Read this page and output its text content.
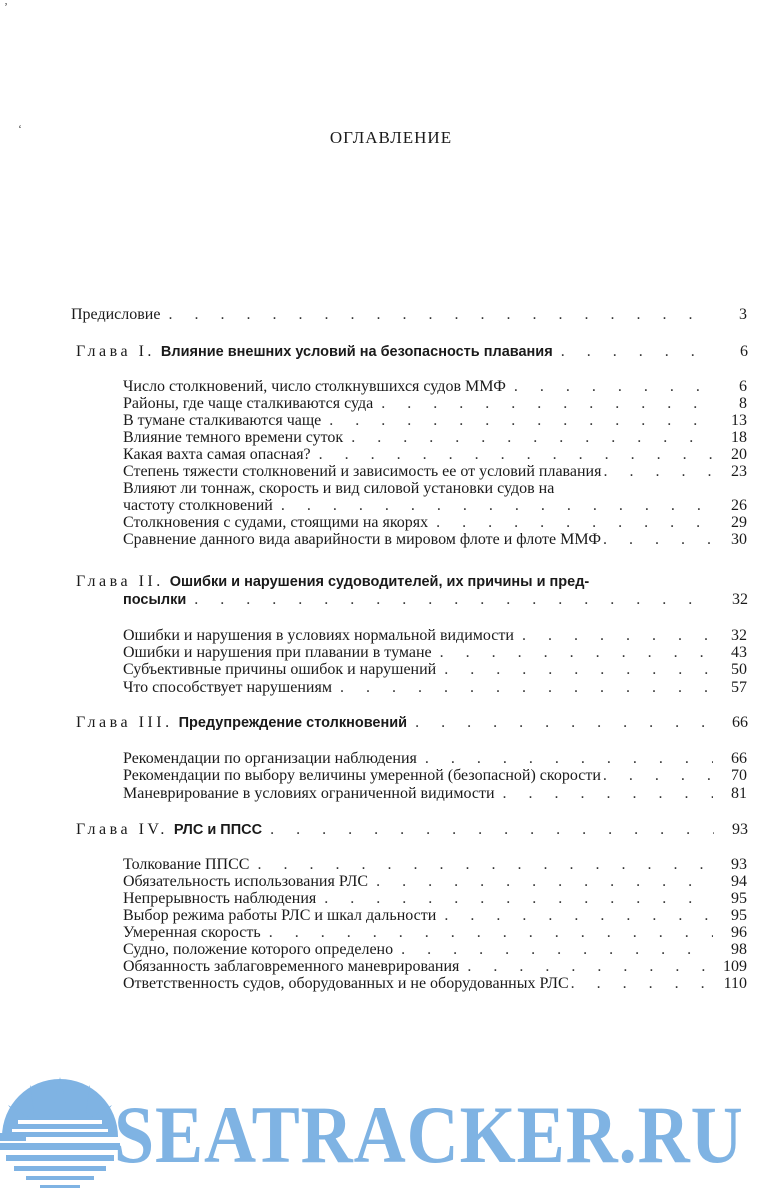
ʼ
ʻ	ОГЛАВЛЕНИЕ
Предисловие . . .	3
Глава I. Влияние внешних условий на безопасность плавания . . .	6
Число столкновений, число столкнувшихся судов ММФ . . .	6
Районы, где чаще сталкиваются суда . . .	8
В тумане сталкиваются чаще . . .	13
Влияние темного времени суток . . .	18
Какая вахта самая опасная? . . .	20
Степень тяжести столкновений и зависимость ее от условий плавания . . .	23
Влияют ли тоннаж, скорость и вид силовой установки судов на
частоту столкновений . . .	26
Столкновения с судами, стоящими на якорях . . .	29
Сравнение данного вида аварийности в мировом флоте и флоте ММФ . . .	30
Глава II. Ошибки и нарушения судоводителей, их причины и пред-
посылки . . .	32
Ошибки и нарушения в условиях нормальной видимости . . .	32
Ошибки и нарушения при плавании в тумане . . .	43
Субъективные причины ошибок и нарушений . . .	50
Что способствует нарушениям . . .	57
Глава III. Предупреждение столкновений . . .	66
Рекомендации по организации наблюдения . . .	66
Рекомендации по выбору величины умеренной (безопасной) скорости . . .	70
Маневрирование в условиях ограниченной видимости . . .	81
Глава IV. РЛС и ППСС . . .	93
Толкование ППСС . . .	93
Обязательность использования РЛС . . .	94
Непрерывность наблюдения . . .	95
Выбор режима работы РЛС и шкал дальности . . .	95
Умеренная скорость . . .	96
Судно, положение которого определено . . .	98
Обязанность заблаговременного маневрирования . . .	109
Ответственность судов, оборудованных и не оборудованных РЛС . . .	110
SEATRACKER.RU
